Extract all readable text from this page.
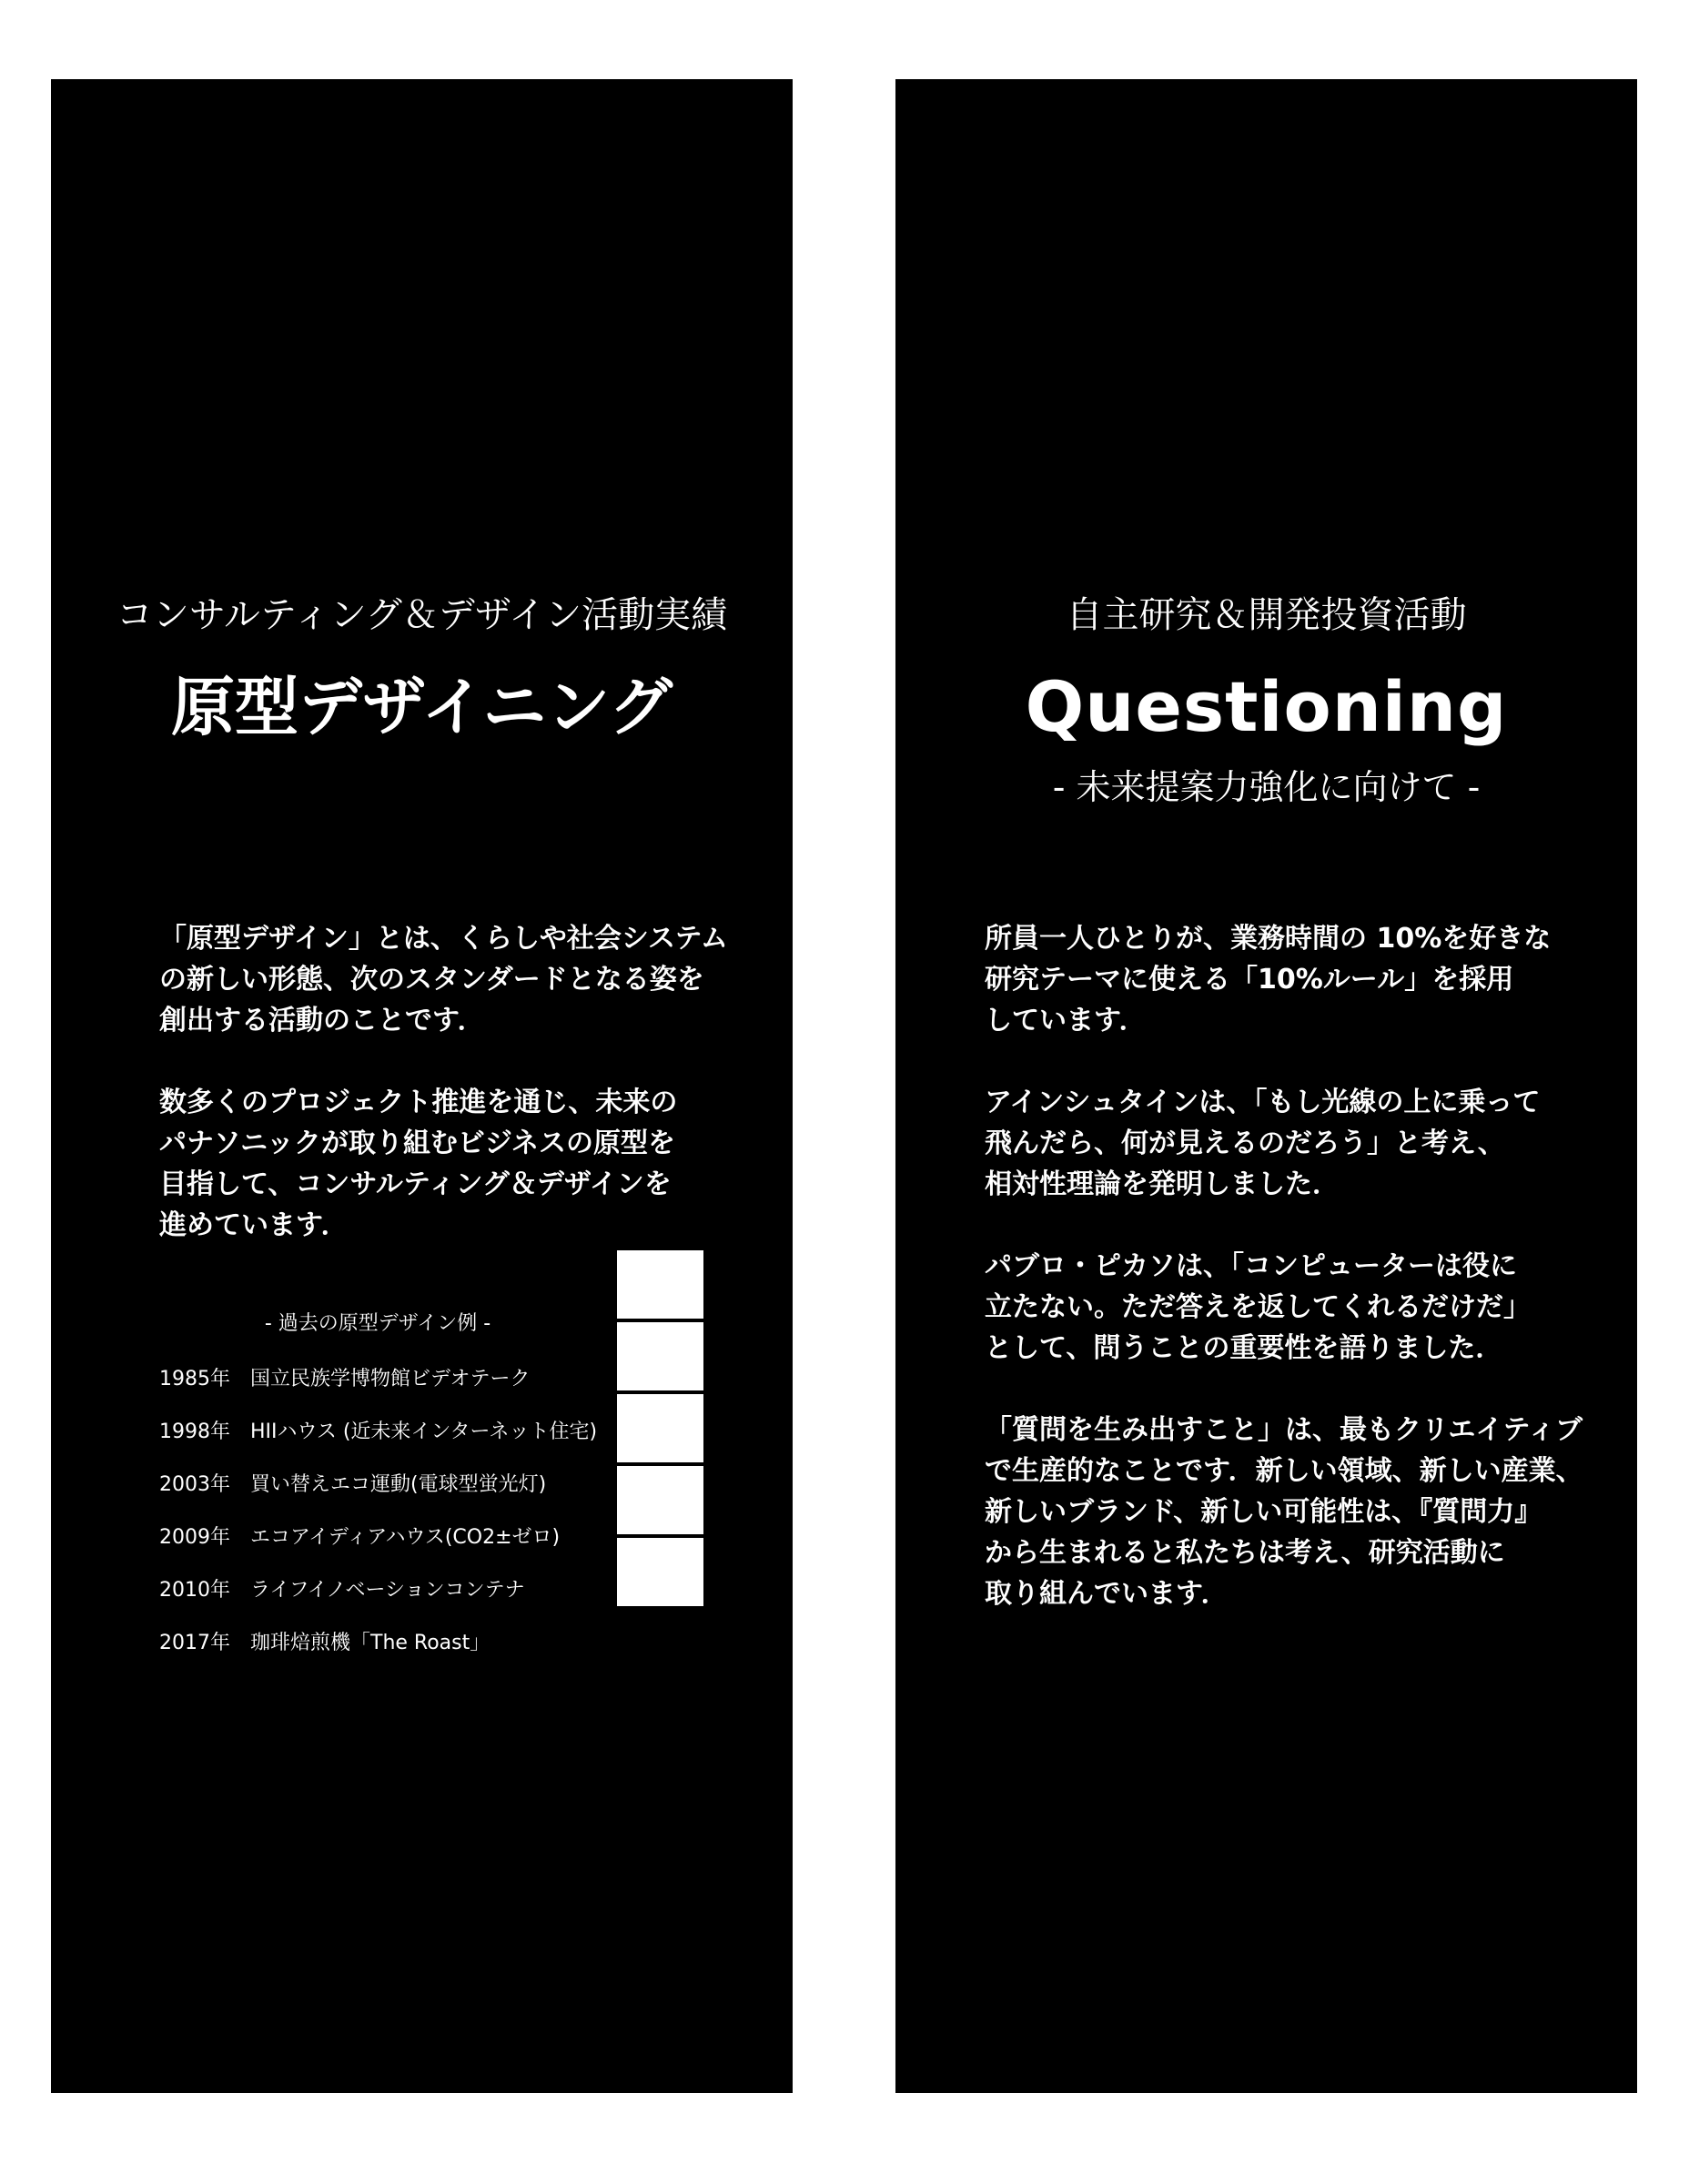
コンサルティング＆デザイン活動実績
原型デザイニング

「原型デザイン」とは、くらしや社会システム
の新しい形態、次のスタンダードとなる姿を
創出する活動のことです．

数多くのプロジェクト推進を通じ、未来の
パナソニックが取り組むビジネスの原型を
目指して、コンサルティング＆デザインを
進めています．

- 過去の原型デザイン例 -
1985年	国立民族学博物館ビデオテーク
1998年	HIIハウス (近未来インターネット住宅)
2003年	買い替えエコ運動(電球型蛍光灯)
2009年	エコアイディアハウス(CO2±ゼロ)
2010年	ライフイノベーションコンテナ
2017年	珈琲焙煎機「The Roast」
自主研究＆開発投資活動
Questioning
- 未来提案力強化に向けて -

所員一人ひとりが、業務時間の 10%を好きな
研究テーマに使える「10%ルール」を採用
しています．

アインシュタインは、「もし光線の上に乗って
飛んだら、何が見えるのだろう」と考え、
相対性理論を発明しました．

パブロ・ピカソは、「コンピューターは役に
立たない。ただ答えを返してくれるだけだ」
として、問うことの重要性を語りました．

「質問を生み出すこと」は、最もクリエイティブ
で生産的なことです．新しい領域、新しい産業、
新しいブランド、新しい可能性は、『質問力』
から生まれると私たちは考え、研究活動に
取り組んでいます．
